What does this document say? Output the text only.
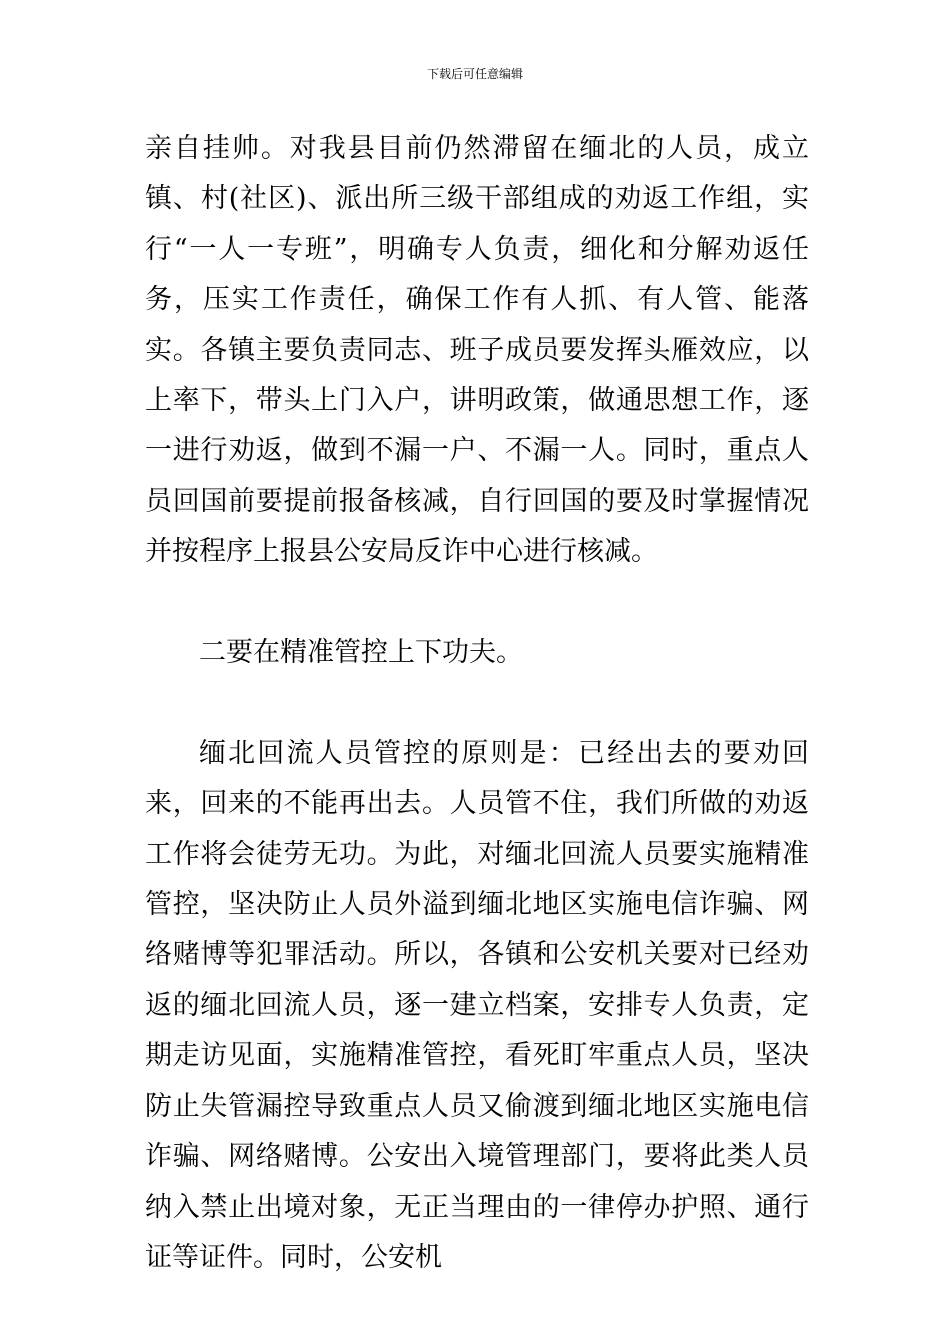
下载后可任意编辑

亲自挂帅。对我县目前仍然滞留在缅北的人员，成立镇、村(社区)、派出所三级干部组成的劝返工作组，实行“一人一专班”，明确专人负责，细化和分解劝返任务，压实工作责任，确保工作有人抓、有人管、能落实。各镇主要负责同志、班子成员要发挥头雁效应，以上率下，带头上门入户，讲明政策，做通思想工作，逐一进行劝返，做到不漏一户、不漏一人。同时，重点人员回国前要提前报备核减，自行回国的要及时掌握情况并按程序上报县公安局反诈中心进行核减。

二要在精准管控上下功夫。

缅北回流人员管控的原则是：已经出去的要劝回来，回来的不能再出去。人员管不住，我们所做的劝返工作将会徒劳无功。为此，对缅北回流人员要实施精准管控，坚决防止人员外溢到缅北地区实施电信诈骗、网络赌博等犯罪活动。所以，各镇和公安机关要对已经劝返的缅北回流人员，逐一建立档案，安排专人负责，定期走访见面，实施精准管控，看死盯牢重点人员，坚决防止失管漏控导致重点人员又偷渡到缅北地区实施电信诈骗、网络赌博。公安出入境管理部门，要将此类人员纳入禁止出境对象，无正当理由的一律停办护照、通行证等证件。同时，公安机
